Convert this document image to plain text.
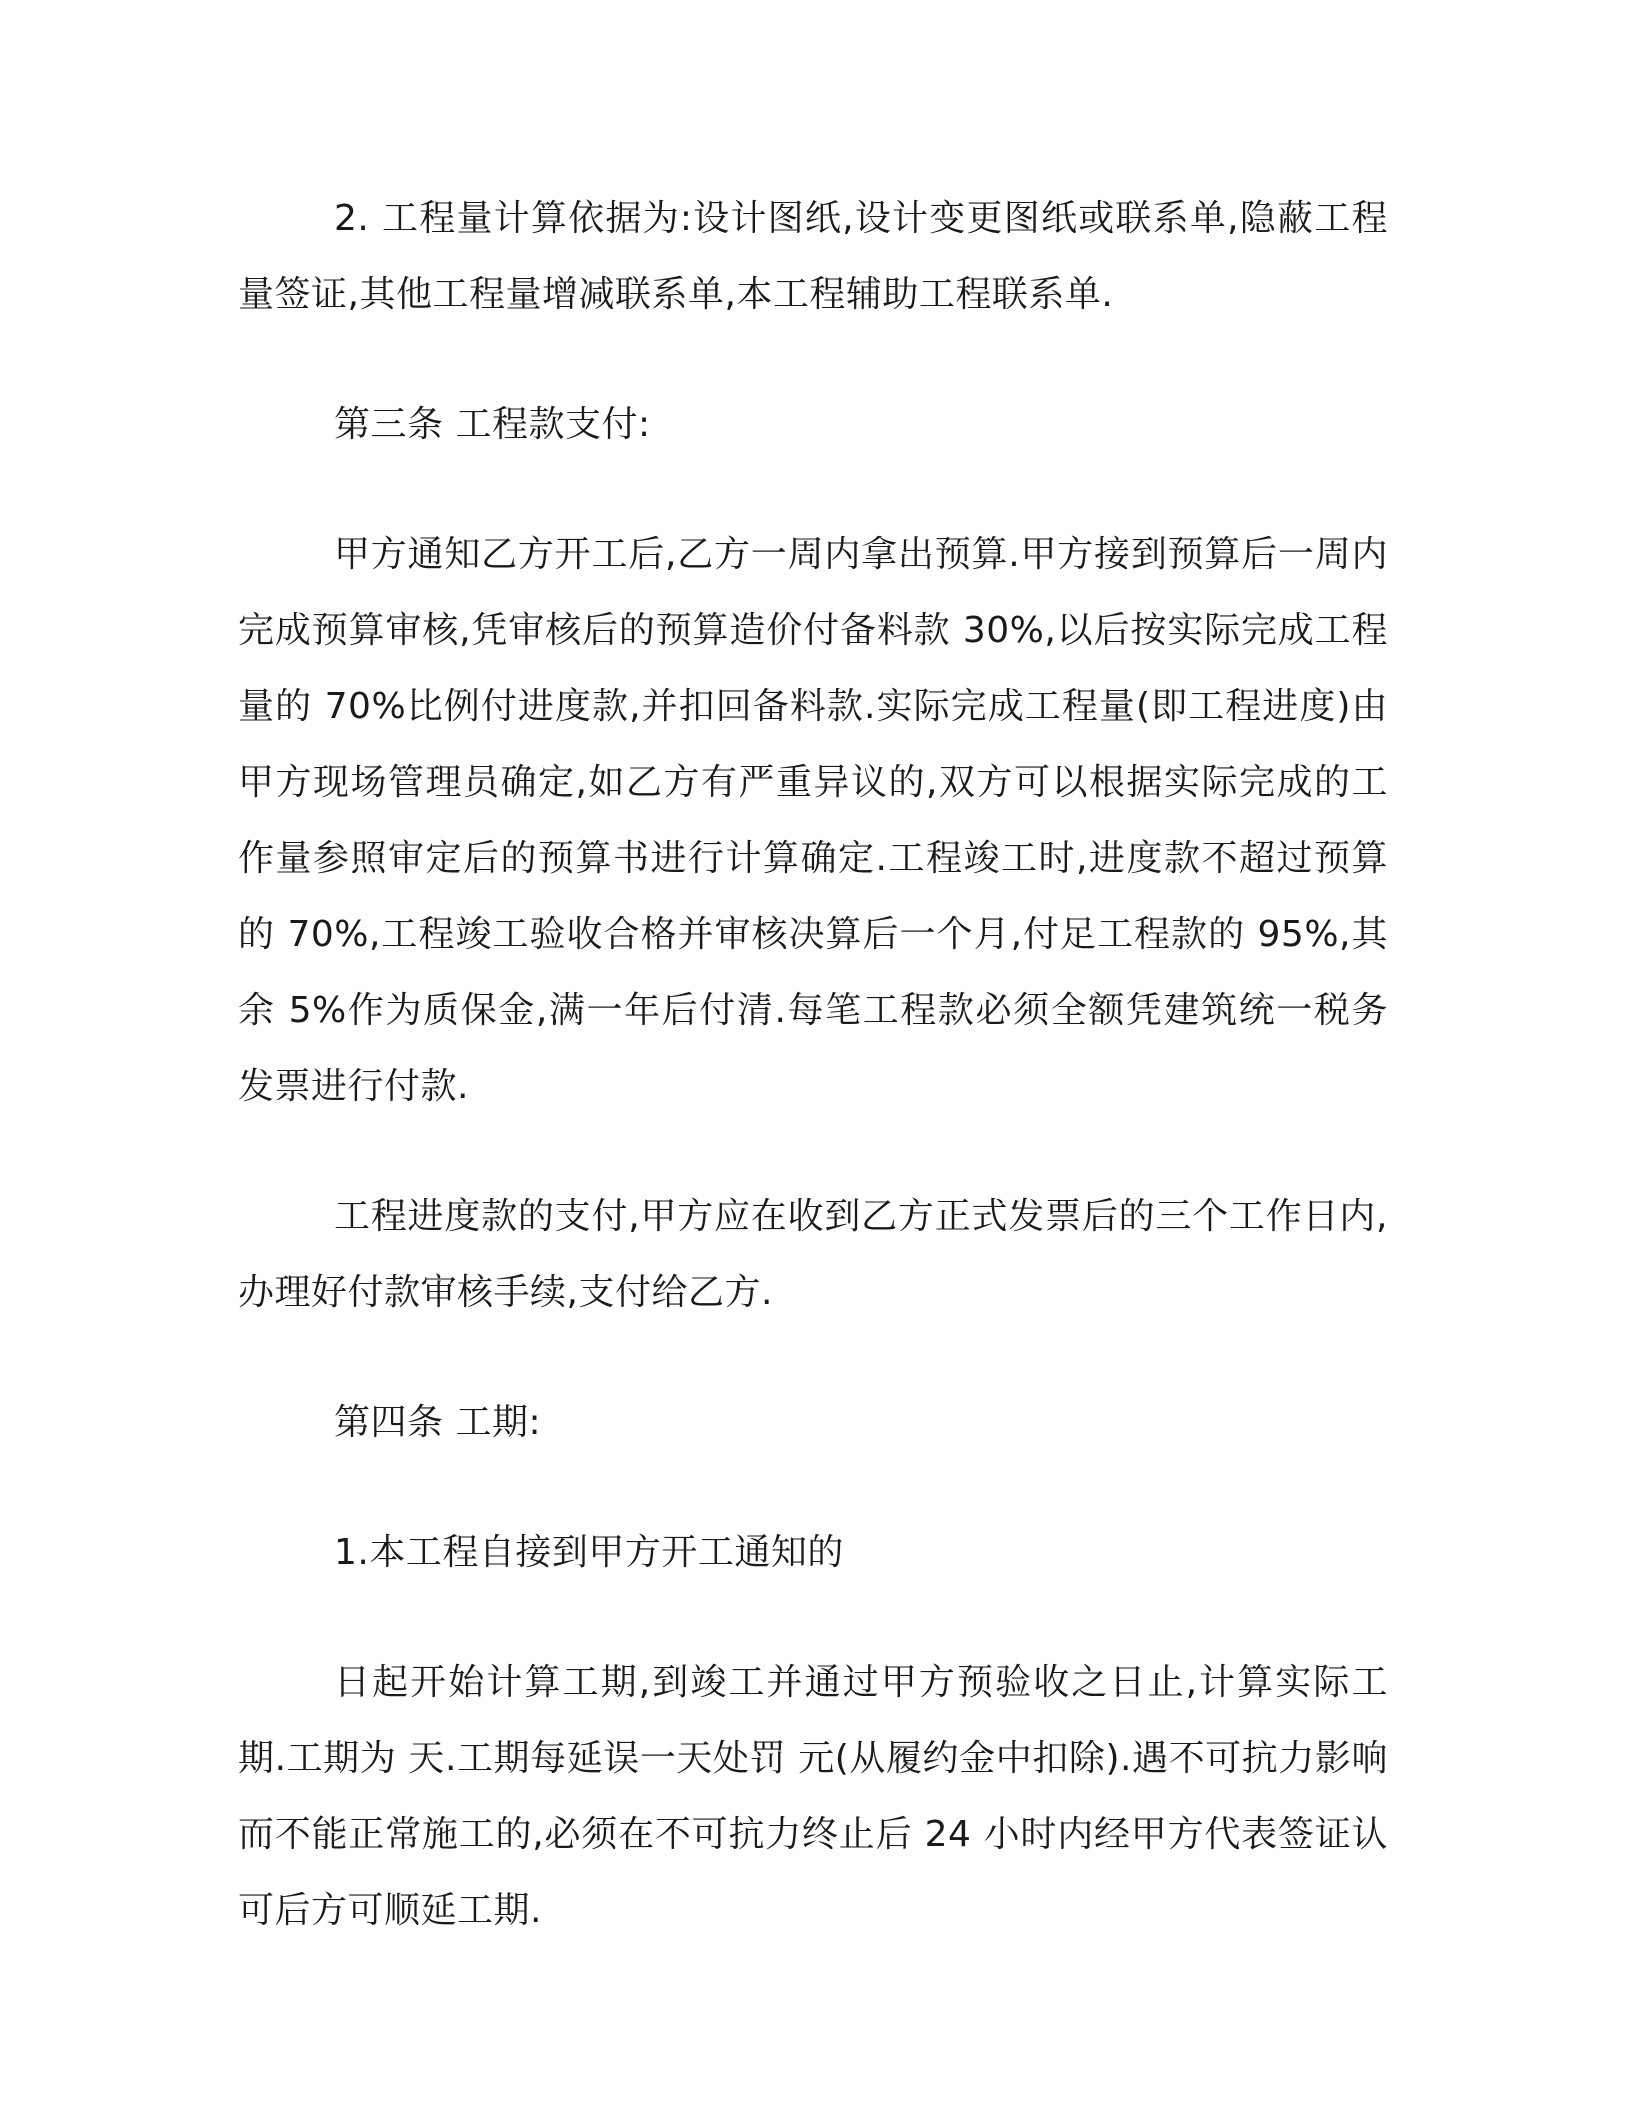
2. 工程量计算依据为:设计图纸,设计变更图纸或联系单,隐蔽工程量签证,其他工程量增减联系单,本工程辅助工程联系单.

第三条 工程款支付:

甲方通知乙方开工后,乙方一周内拿出预算.甲方接到预算后一周内完成预算审核,凭审核后的预算造价付备料款 30%,以后按实际完成工程量的 70%比例付进度款,并扣回备料款.实际完成工程量(即工程进度)由甲方现场管理员确定,如乙方有严重异议的,双方可以根据实际完成的工作量参照审定后的预算书进行计算确定.工程竣工时,进度款不超过预算的 70%,工程竣工验收合格并审核决算后一个月,付足工程款的 95%,其余 5%作为质保金,满一年后付清.每笔工程款必须全额凭建筑统一税务发票进行付款.

工程进度款的支付,甲方应在收到乙方正式发票后的三个工作日内,办理好付款审核手续,支付给乙方.

第四条 工期:

1.本工程自接到甲方开工通知的

日起开始计算工期,到竣工并通过甲方预验收之日止,计算实际工期.工期为 天.工期每延误一天处罚 元(从履约金中扣除).遇不可抗力影响而不能正常施工的,必须在不可抗力终止后 24 小时内经甲方代表签证认可后方可顺延工期.
